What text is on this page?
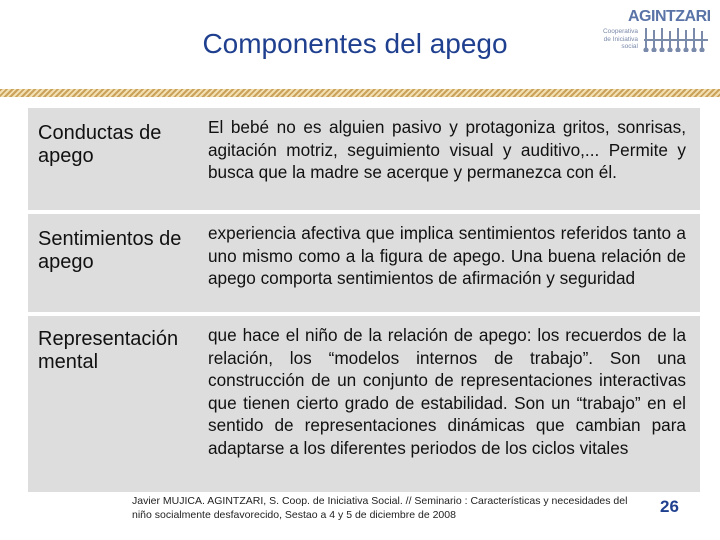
Componentes del apego
AGINTZARI
Cooperativa
de Iniciativa
social
Conductas de apego
El bebé no es alguien pasivo y protagoniza gritos, sonrisas, agitación motriz, seguimiento visual y auditivo,... Permite y busca que la madre se acerque y permanezca con él.
Sentimientos de apego
experiencia afectiva que implica sentimientos referidos tanto a uno mismo como a la figura de apego. Una buena relación de apego comporta sentimientos de afirmación y seguridad
Representación mental
que hace el niño de la relación de apego: los recuerdos de la relación, los “modelos internos de trabajo”. Son una construcción de un conjunto de representaciones interactivas que tienen cierto grado de estabilidad. Son un “trabajo” en el sentido de representaciones dinámicas que cambian para adaptarse a los diferentes periodos de los ciclos vitales
Javier MUJICA. AGINTZARI, S. Coop. de Iniciativa Social. // Seminario : Características y necesidades del niño socialmente desfavorecido, Sestao a 4 y 5 de diciembre de 2008	26
